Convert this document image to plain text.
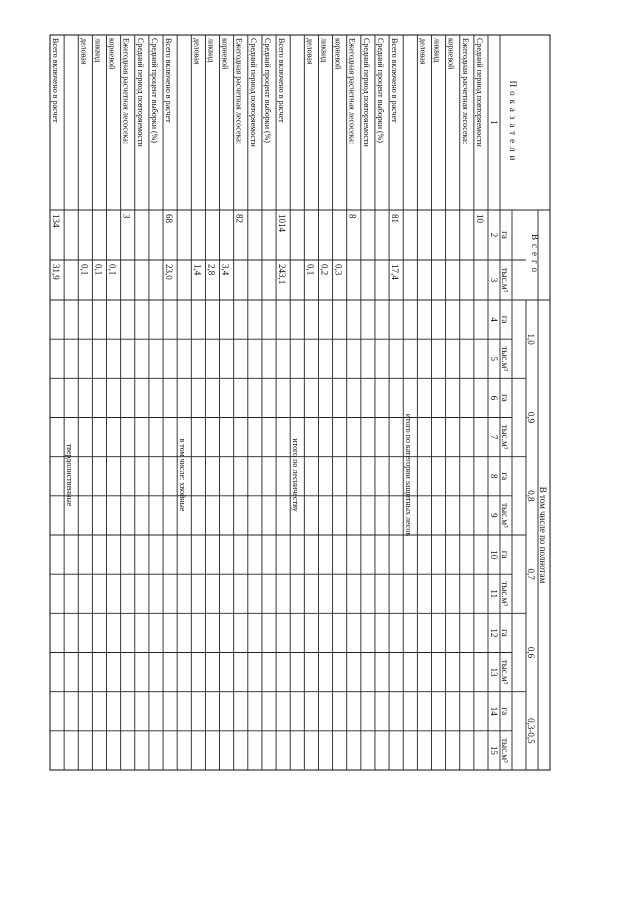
Показатели
Всего
В том числе по полнотам
га
тыс.м³
1,0
га
тыс.м³
0,9
га
тыс.м³
0,8
га
тыс.м³
0,7
га
тыс.м³
0,6
га
тыс.м³
0,3-0,5
га
тыс.м³
1
2
3
4
5
6
7
8
9
10
11
12
13
14
15
Средний период повторяемости
10
Ежегодная расчетная лесосека:
корневой
ликвид
деловая
итого по категории защитных лесов
Всего включено в расчет
81
17,4
Средний процент выборки (%)
Средний период повторяемости
Ежегодная расчетная лесосека:
8
корневой
0,3
ликвид
0,2
деловая
0,1
итого по лесничеству
Всего включено в расчет
1014
243,1
Средний процент выборки (%)
Средний период повторяемости
Ежегодная расчетная лесосека:
82
корневой
3,4
ликвид
2,8
деловая
1,4
в том числе: хвойные
Всего включено в расчет
68
23,0
Средний процент выборки (%)
Средний период повторяемости
Ежегодная расчетная лесосека:
3
корневой
0,1
ликвид
0,1
деловая
0,1
твердолиственные
Всего включено в расчет
134
31,9
